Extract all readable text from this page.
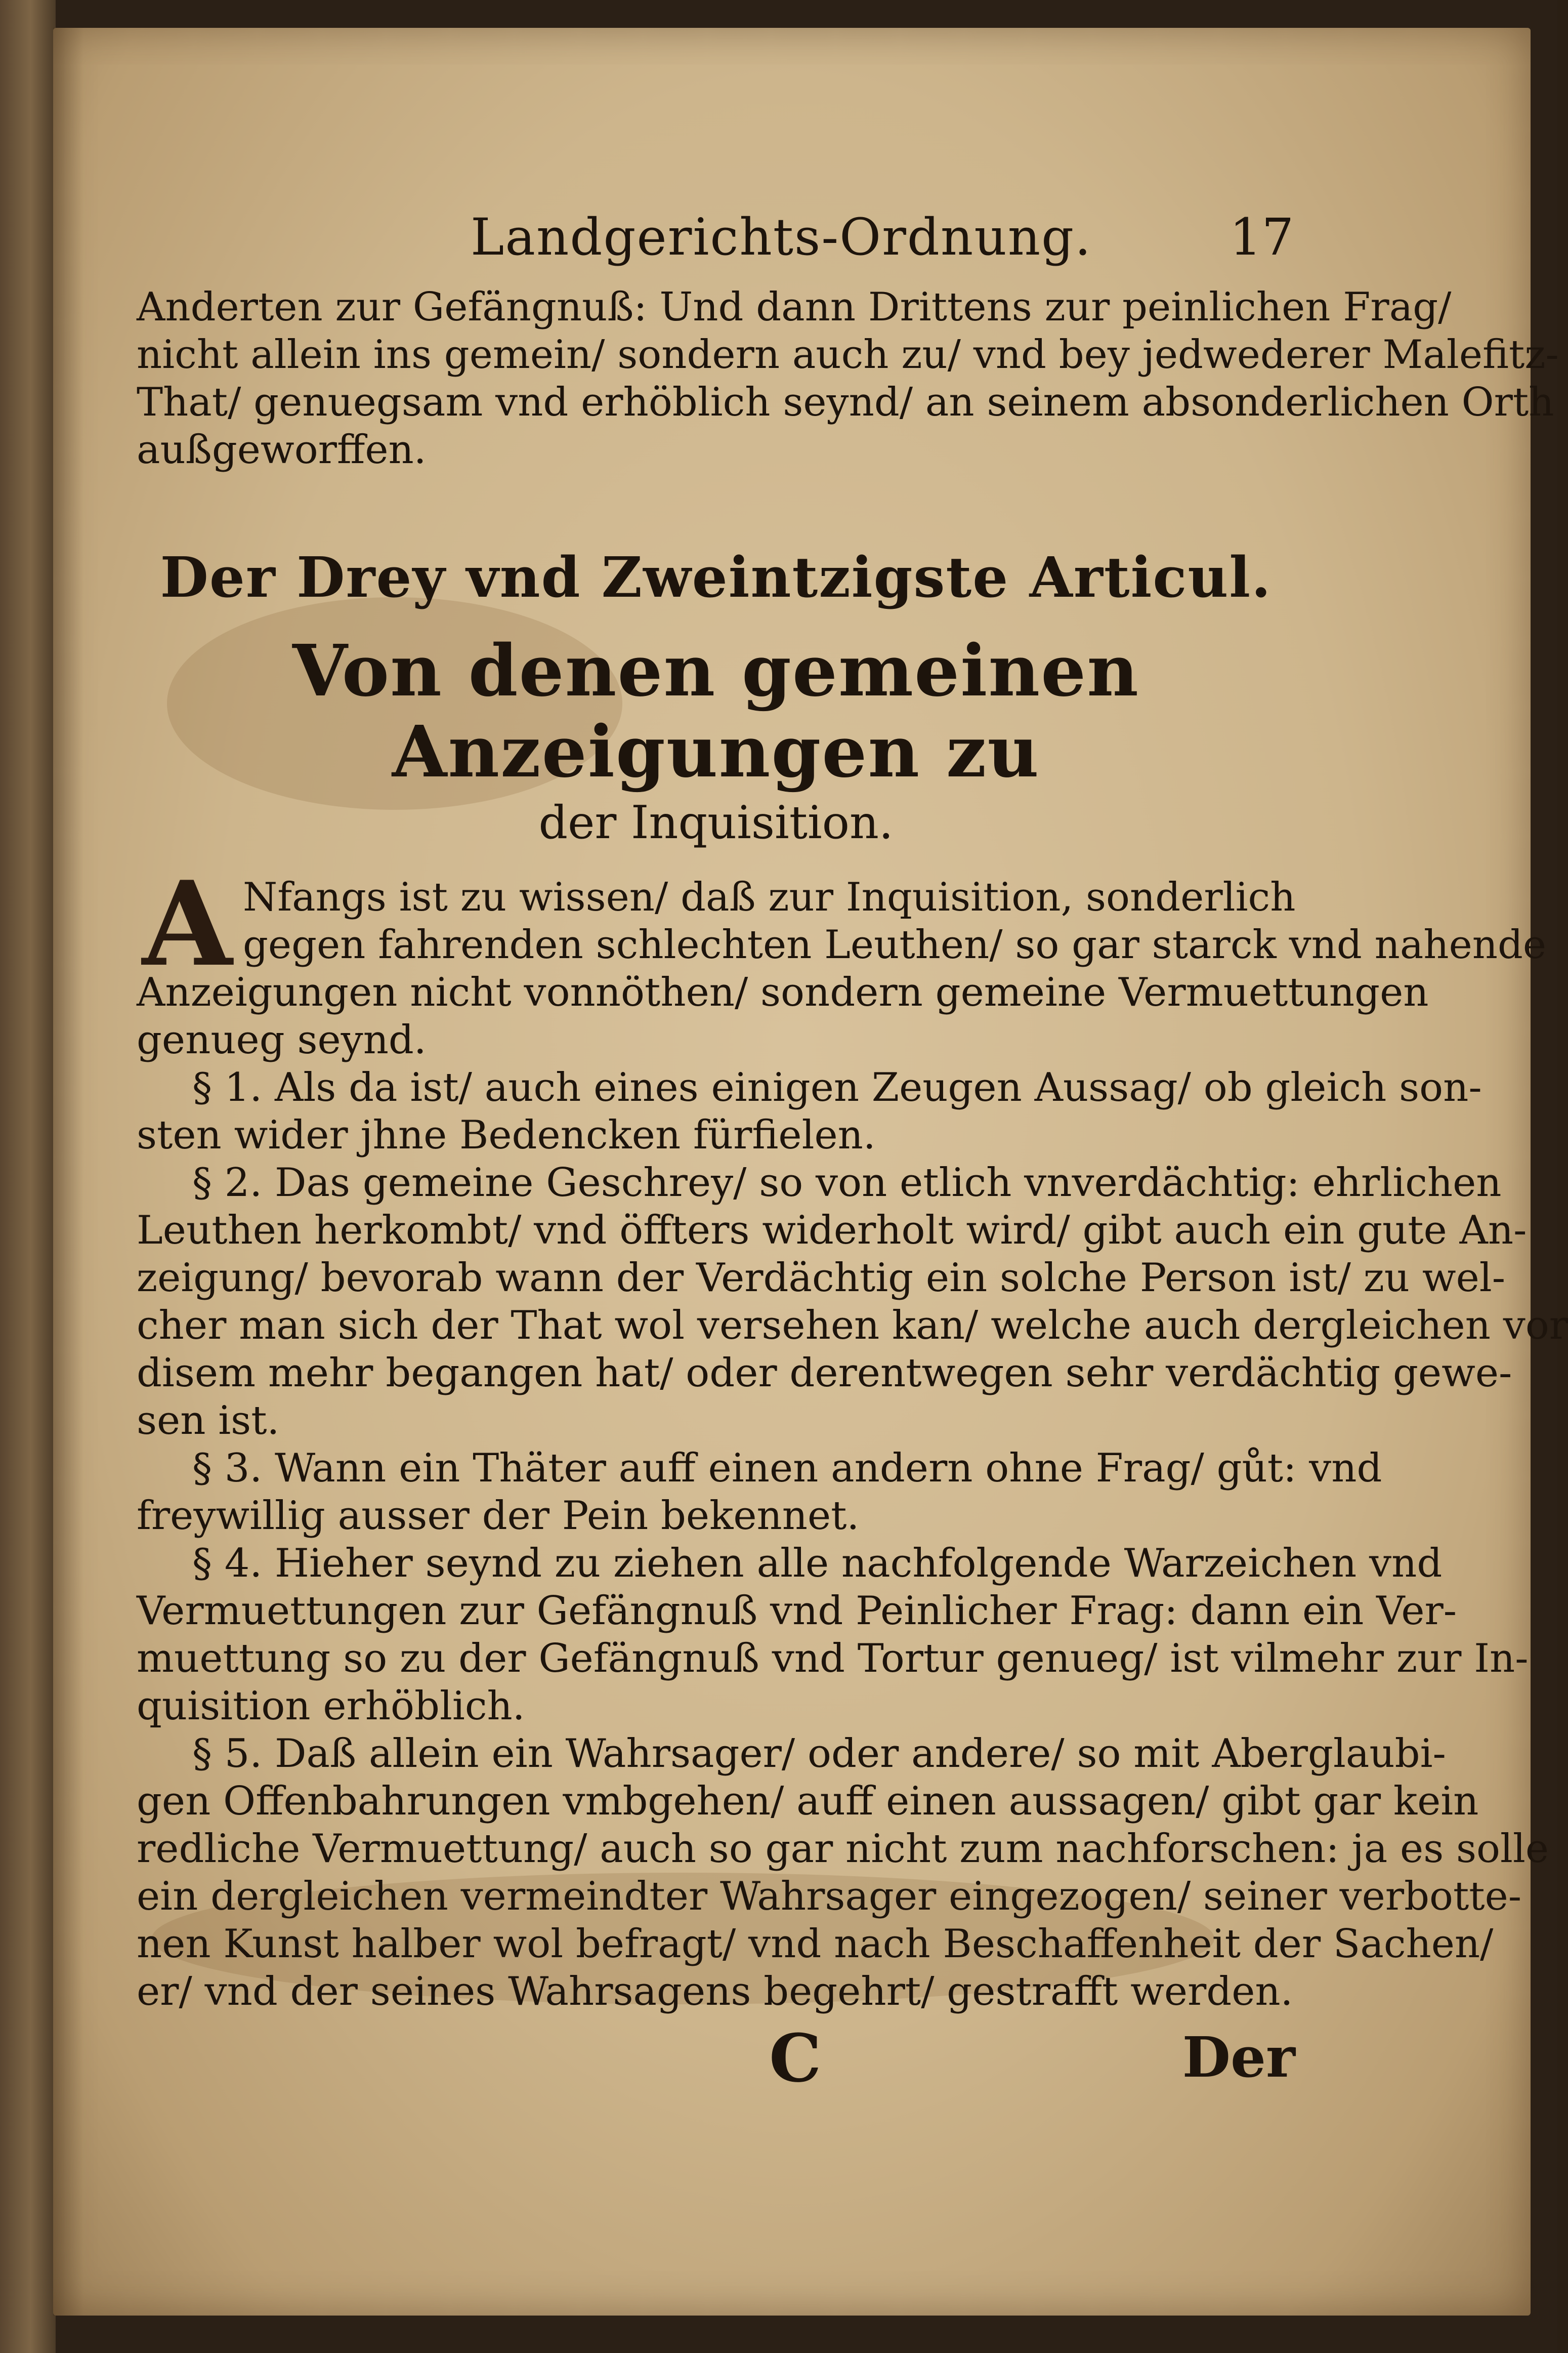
Landgerichts-Ordnung.	17
Anderten zur Gefängnuß: Und dann Drittens zur peinlichen Frag/
nicht allein ins gemein/ sondern auch zu/ vnd bey jedwederer Malefitz-
That/ genuegsam vnd erhöblich seynd/ an seinem absonderlichen Orth
außgeworffen.
Der Drey vnd Zweintzigste Articul.
Von denen gemeinen Anzeigungen zu
der Inquisition.
A Nfangs ist zu wissen/ daß zur Inquisition, sonderlich
gegen fahrenden schlechten Leuthen/ so gar starck vnd nahende
Anzeigungen nicht vonnöthen/ sondern gemeine Vermuettungen
genueg seynd.
§ 1. Als da ist/ auch eines einigen Zeugen Aussag/ ob gleich son-
sten wider jhne Bedencken fürfielen.
§ 2. Das gemeine Geschrey/ so von etlich vnverdächtig: ehrlichen
Leuthen herkombt/ vnd öffters widerholt wird/ gibt auch ein gute An-
zeigung/ bevorab wann der Verdächtig ein solche Person ist/ zu wel-
cher man sich der That wol versehen kan/ welche auch dergleichen vor
disem mehr begangen hat/ oder derentwegen sehr verdächtig gewe-
sen ist.
§ 3. Wann ein Thäter auff einen andern ohne Frag/ gůt: vnd
freywillig ausser der Pein bekennet.
§ 4. Hieher seynd zu ziehen alle nachfolgende Warzeichen vnd
Vermuettungen zur Gefängnuß vnd Peinlicher Frag: dann ein Ver-
muettung so zu der Gefängnuß vnd Tortur genueg/ ist vilmehr zur In-
quisition erhöblich.
§ 5. Daß allein ein Wahrsager/ oder andere/ so mit Aberglaubi-
gen Offenbahrungen vmbgehen/ auff einen aussagen/ gibt gar kein
redliche Vermuettung/ auch so gar nicht zum nachforschen: ja es solle
ein dergleichen vermeindter Wahrsager eingezogen/ seiner verbotte-
nen Kunst halber wol befragt/ vnd nach Beschaffenheit der Sachen/
er/ vnd der seines Wahrsagens begehrt/ gestrafft werden.
C	Der
